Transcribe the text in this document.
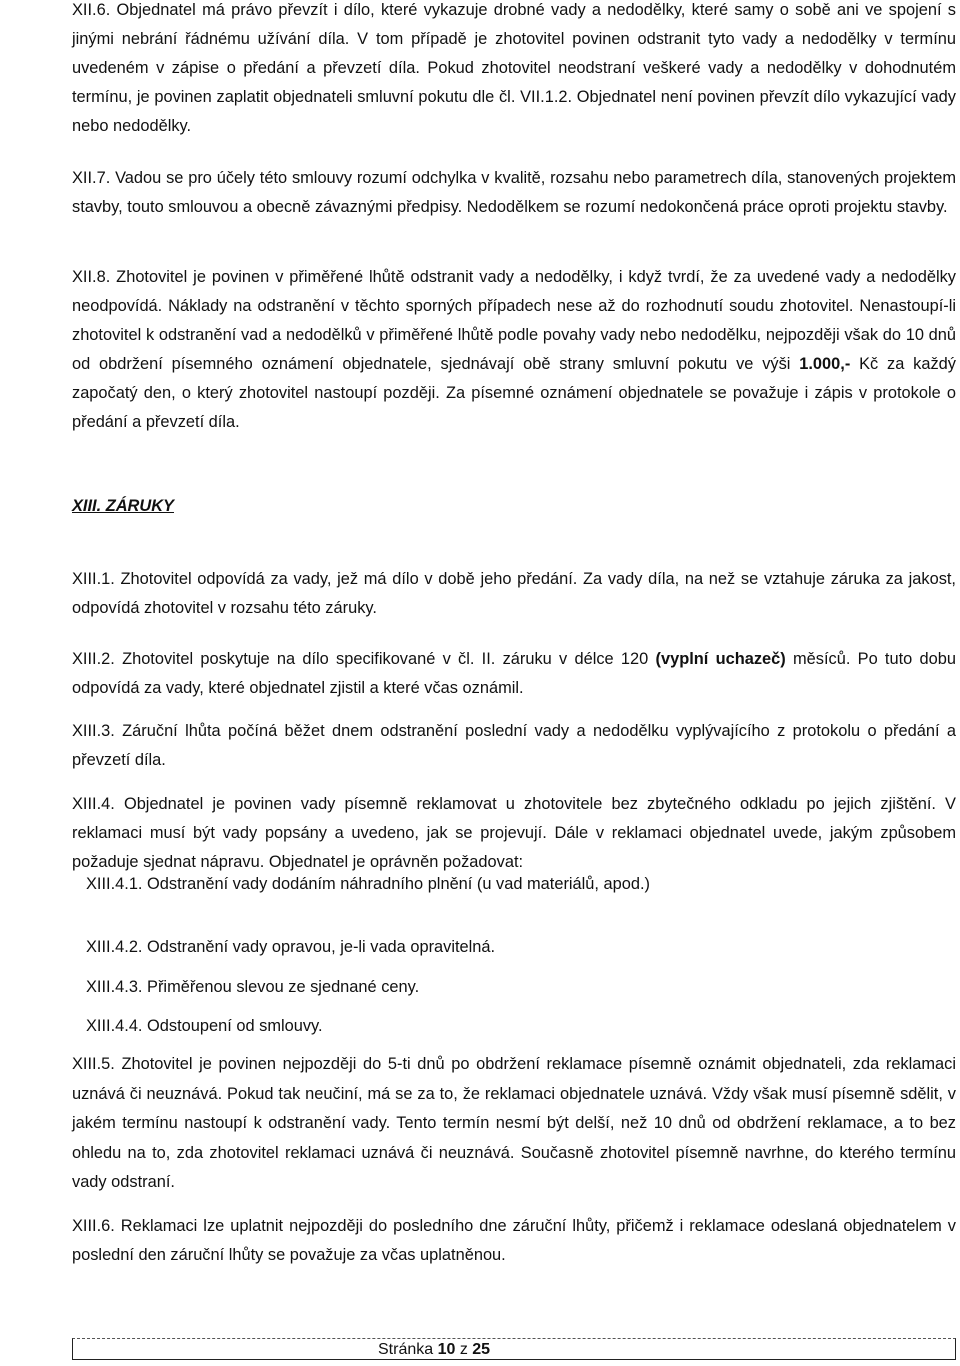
XII.6. Objednatel má právo převzít i dílo, které vykazuje drobné vady a nedodělky, které samy o sobě ani ve spojení s jinými nebrání řádnému užívání díla. V tom případě je zhotovitel povinen odstranit tyto vady a nedodělky v termínu uvedeném v zápise o předání a převzetí díla. Pokud zhotovitel neodstraní veškeré vady a nedodělky v dohodnutém termínu, je povinen zaplatit objednateli smluvní pokutu dle čl. VII.1.2. Objednatel není povinen převzít dílo vykazující vady nebo nedodělky.

XII.7. Vadou se pro účely této smlouvy rozumí odchylka v kvalitě, rozsahu nebo parametrech díla, stanovených projektem stavby, touto smlouvou a obecně závaznými předpisy. Nedodělkem se rozumí nedokončená práce oproti projektu stavby.

XII.8. Zhotovitel je povinen v přiměřené lhůtě odstranit vady a nedodělky, i když tvrdí, že za uvedené vady a nedodělky neodpovídá. Náklady na odstranění v těchto sporných případech nese až do rozhodnutí soudu zhotovitel. Nenastoupí-li zhotovitel k odstranění vad a nedodělků v přiměřené lhůtě podle povahy vady nebo nedodělku, nejpozději však do 10 dnů od obdržení písemného oznámení objednatele, sjednávají obě strany smluvní pokutu ve výši 1.000,- Kč za každý započatý den, o který zhotovitel nastoupí později. Za písemné oznámení objednatele se považuje i zápis v protokole o předání a převzetí díla.

XIII. ZÁRUKY

XIII.1. Zhotovitel odpovídá za vady, jež má dílo v době jeho předání. Za vady díla, na než se vztahuje záruka za jakost, odpovídá zhotovitel v rozsahu této záruky.

XIII.2. Zhotovitel poskytuje na dílo specifikované v čl. II. záruku v délce 120 (vyplní uchazeč) měsíců. Po tuto dobu odpovídá za vady, které objednatel zjistil a které včas oznámil.

XIII.3. Záruční lhůta počíná běžet dnem odstranění poslední vady a nedodělku vyplývajícího z protokolu o předání a převzetí díla.

XIII.4. Objednatel je povinen vady písemně reklamovat u zhotovitele bez zbytečného odkladu po jejich zjištění. V reklamaci musí být vady popsány a uvedeno, jak se projevují. Dále v reklamaci objednatel uvede, jakým způsobem požaduje sjednat nápravu. Objednatel je oprávněn požadovat:

XIII.4.1. Odstranění vady dodáním náhradního plnění (u vad materiálů, apod.)

XIII.4.2. Odstranění vady opravou, je-li vada opravitelná.

XIII.4.3. Přiměřenou slevou ze sjednané ceny.

XIII.4.4. Odstoupení od smlouvy.

XIII.5. Zhotovitel je povinen nejpozději do 5-ti dnů po obdržení reklamace písemně oznámit objednateli, zda reklamaci uznává či neuznává. Pokud tak neučiní, má se za to, že reklamaci objednatele uznává. Vždy však musí písemně sdělit, v jakém termínu nastoupí k odstranění vady. Tento termín nesmí být delší, než 10 dnů od obdržení reklamace, a to bez ohledu na to, zda zhotovitel reklamaci uznává či neuznává. Současně zhotovitel písemně navrhne, do kterého termínu vady odstraní.

XIII.6. Reklamaci lze uplatnit nejpozději do posledního dne záruční lhůty, přičemž i reklamace odeslaná objednatelem v poslední den záruční lhůty se považuje za včas uplatněnou.

Stránka 10 z 25
